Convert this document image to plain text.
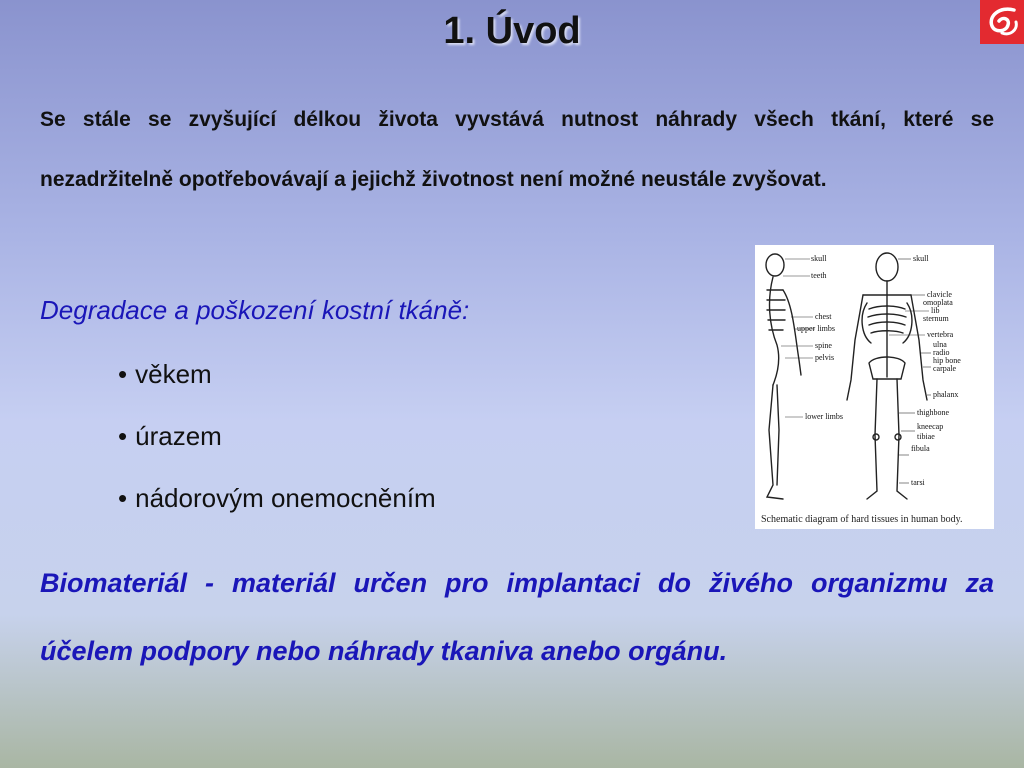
1. Úvod

Se stále se zvyšující délkou života vyvstává nutnost náhrady všech tkání, které se nezadržitelně opotřebovávají a jejichž životnost není možné neustále zvyšovat.

Degradace a poškození kostní tkáně:
• věkem
• úrazem
• nádorovým onemocněním
skull
teeth
chest
upper limbs
spine
pelvis
lower limbs
skull
clavicle
omoplata
lib
sternum
vertebra
ulna
radio
hip bone
carpale
phalanx
thighbone
kneecap
tibiae
fibula
tarsi
Schematic diagram of hard tissues in human body.

Biomateriál - materiál určen pro implantaci do živého organizmu za účelem podpory nebo náhrady tkaniva anebo orgánu.
